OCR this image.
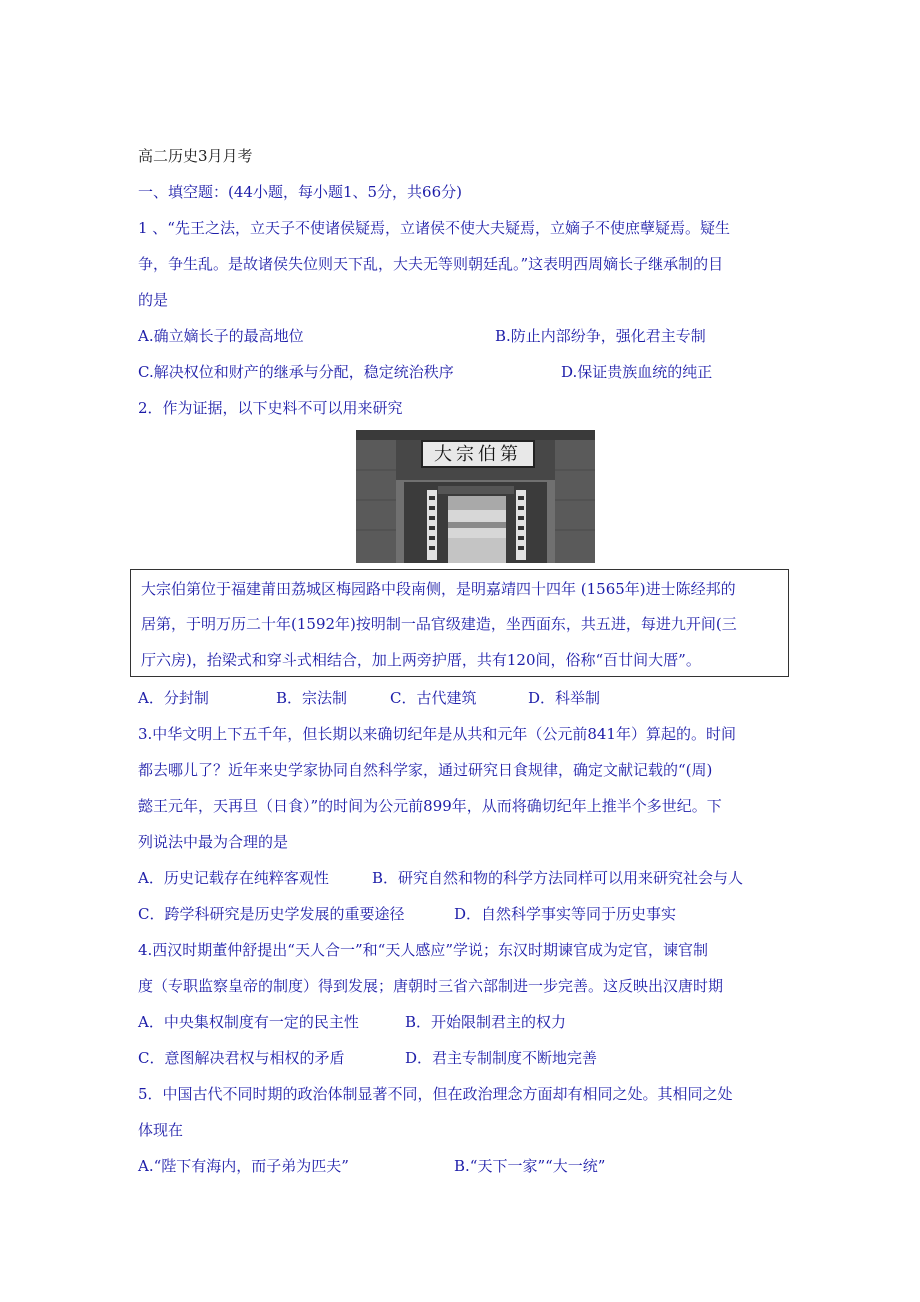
高二历史3月月考
一、填空题：(44小题，每小题1、5分，共66分)
1 、“先王之法，立天子不使诸侯疑焉，立诸侯不使大夫疑焉，立嫡子不使庶孽疑焉。疑生
争，争生乱。是故诸侯失位则天下乱，大夫无等则朝廷乱。”这表明西周嫡长子继承制的目
的是
A.确立嫡长子的最高地位	B.防止内部纷争，强化君主专制
C.解决权位和财产的继承与分配，稳定统治秩序	D.保证贵族血统的纯正
2．作为证据，以下史料不可以用来研究
大宗伯第
大宗伯第位于福建莆田荔城区梅园路中段南侧，是明嘉靖四十四年 (1565年)进士陈经邦的
居第，于明万历二十年(1592年)按明制一品官级建造，坐西面东，共五进，每进九开间(三
厅六房)，抬梁式和穿斗式相结合，加上两旁护厝，共有120间，俗称“百廿间大厝”。
A．分封制	B．宗法制	C．古代建筑	D．科举制
3.中华文明上下五千年，但长期以来确切纪年是从共和元年（公元前841年）算起的。时间
都去哪儿了？近年来史学家协同自然科学家，通过研究日食规律，确定文献记载的“(周)
懿王元年，天再旦（日食）”的时间为公元前899年，从而将确切纪年上推半个多世纪。下
列说法中最为合理的是
A．历史记载存在纯粹客观性	B．研究自然和物的科学方法同样可以用来研究社会与人
C．跨学科研究是历史学发展的重要途径	D．自然科学事实等同于历史事实
4.西汉时期董仲舒提出“天人合一”和“天人感应”学说；东汉时期谏官成为定官，谏官制
度（专职监察皇帝的制度）得到发展；唐朝时三省六部制进一步完善。这反映出汉唐时期
A．中央集权制度有一定的民主性	B．开始限制君主的权力
C．意图解决君权与相权的矛盾	D．君主专制制度不断地完善
5．中国古代不同时期的政治体制显著不同，但在政治理念方面却有相同之处。其相同之处
体现在
A.“陛下有海内，而子弟为匹夫”	B.“天下一家”“大一统”
